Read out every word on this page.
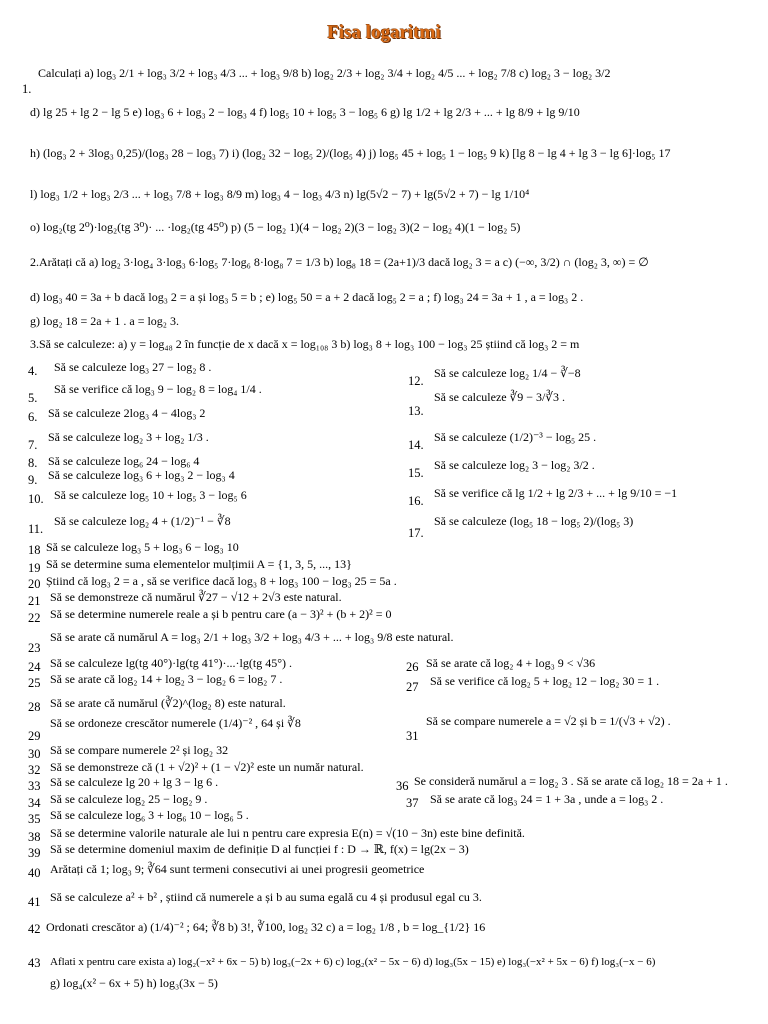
Fisa logaritmi
Calculați a) log₃ 2/1 + log₃ 3/2 + log₃ 4/3 ... + log₃ 9/8 b) log₂ 2/3 + log₂ 3/4 + log₂ 4/5 ... + log₂ 7/8 c) log₂ 3 − log₂ 3/2
1.
d) lg 25 + lg 2 − lg 5 e) log₃ 6 + log₃ 2 − log₃ 4 f) log₅ 10 + log₅ 3 − log₅ 6 g) lg 1/2 + lg 2/3 + ... + lg 8/9 + lg 9/10
h) (log₃ 2 + 3log₃ 0,25)/(log₃ 28 − log₃ 7) i) (log₂ 32 − log₅ 2)/(log₅ 4) j) log₅ 45 + log₅ 1 − log₅ 9 k) [lg 8 − lg 4 + lg 3 − lg 6]·log₅ 17
l) log₃ 1/2 + log₃ 2/3 ... + log₃ 7/8 + log₃ 8/9 m) log₃ 4 − log₃ 4/3 n) lg(5√2 − 7) + lg(5√2 + 7) − lg 1/10⁴
o) log₂(tg 2⁰)·log₂(tg 3⁰)· ... ·log₂(tg 45⁰) p) (5 − log₂ 1)(4 − log₂ 2)(3 − log₂ 3)(2 − log₂ 4)(1 − log₂ 5)
2.Arătați că a) log₂ 3·log₄ 3·log₃ 6·log₅ 7·log₆ 8·log₈ 7 = 1/3 b) log₈ 18 = (2a+1)/3 dacă log₂ 3 = a c) (−∞, 3/2) ∩ (log₂ 3, ∞) = ∅
d) log₃ 40 = 3a + b dacă log₃ 2 = a și log₃ 5 = b ; e) log₅ 50 = a + 2 dacă log₅ 2 = a ; f) log₃ 24 = 3a + 1 , a = log₃ 2 .
g) log₂ 18 = 2a + 1 . a = log₂ 3.
3.Să se calculeze: a) y = log₄₈ 2 în funcție de x dacă x = log₁₀₈ 3 b) log₃ 8 + log₃ 100 − log₃ 25 știind că log₃ 2 = m
4. Să se calculeze log₃ 27 − log₂ 8 .
5.
Să se verifice că log₃ 9 − log₂ 8 = log₄ 1/4 .
6. Să se calculeze 2log₃ 4 − 4log₃ 2
7.
Să se calculeze log₂ 3 + log₂ 1/3 .
8. Să se calculeze log₆ 24 − log₆ 4
9. Să se calculeze log₃ 6 + log₃ 2 − log₃ 4
10. Să se calculeze log₅ 10 + log₅ 3 − log₅ 6
11.
Să se calculeze log₂ 4 + (1/2)⁻¹ − ∛8
12.
Să se calculeze log₂ 1/4 − ∛−8
Să se calculeze ∛9 − 3/∛3 .
13.
14.
Să se calculeze (1/2)⁻³ − log₅ 25 .
15.
Să se calculeze log₂ 3 − log₂ 3/2 .
16.
Să se verifice că lg 1/2 + lg 2/3 + ... + lg 9/10 = −1
17.
Să se calculeze (log₅ 18 − log₅ 2)/(log₅ 3)
18 Să se calculeze log₃ 5 + log₃ 6 − log₃ 10
19 Să se determine suma elementelor mulțimii A = {1, 3, 5, ..., 13}
20 Știind că log₃ 2 = a , să se verifice dacă log₃ 8 + log₃ 100 − log₃ 25 = 5a .
21 Să se demonstreze că numărul ∛27 − √12 + 2√3 este natural.
22 Să se determine numerele reale a și b pentru care (a − 3)² + (b + 2)² = 0
23
Să se arate că numărul A = log₃ 2/1 + log₃ 3/2 + log₃ 4/3 + ... + log₃ 9/8 este natural.
24 Să se calculeze lg(tg 40°)·lg(tg 41°)·...·lg(tg 45°) .
25 Să se arate că log₂ 14 + log₂ 3 − log₂ 6 = log₂ 7 .
26 Să se arate că log₂ 4 + log₃ 9 < √36
27 Să se verifice că log₂ 5 + log₂ 12 − log₂ 30 = 1 .
28 Să se arate că numărul (∛2)^(log₂ 8) este natural.
29
Să se ordoneze crescător numerele (1/4)⁻² , 64 și ∛8
30 Să se compare numerele 2² și log₂ 32
31
Să se compare numerele a = √2 și b = 1/(√3 + √2) .
32 Să se demonstreze că (1 + √2)² + (1 − √2)² este un număr natural.
33 Să se calculeze lg 20 + lg 3 − lg 6 .
34 Să se calculeze log₂ 25 − log₂ 9 .
35 Să se calculeze log₆ 3 + log₆ 10 − log₆ 5 .
36 Se consideră numărul a = log₂ 3 . Să se arate că log₂ 18 = 2a + 1 .
37 Să se arate că log₃ 24 = 1 + 3a , unde a = log₃ 2 .
38 Să se determine valorile naturale ale lui n pentru care expresia E(n) = √(10 − 3n) este bine definită.
39 Să se determine domeniul maxim de definiție D al funcției f : D → ℝ, f(x) = lg(2x − 3)
40 Arătați că 1; log₃ 9; ∛64 sunt termeni consecutivi ai unei progresii geometrice
41 Să se calculeze a² + b² , știind că numerele a și b au suma egală cu 4 și produsul egal cu 3.
42 Ordonati crescător a) (1/4)⁻² ; 64; ∛8 b) 3!, ∛100, log₂ 32 c) a = log₂ 1/8 , b = log_{1/2} 16
43 Aflati x pentru care exista a) log₂(−x² + 6x − 5) b) log₃(−2x + 6) c) log₂(x² − 5x − 6) d) log₃(5x − 15) e) log₃(−x² + 5x − 6) f) log₃(−x − 6)
g) log₄(x² − 6x + 5) h) log₃(3x − 5)
